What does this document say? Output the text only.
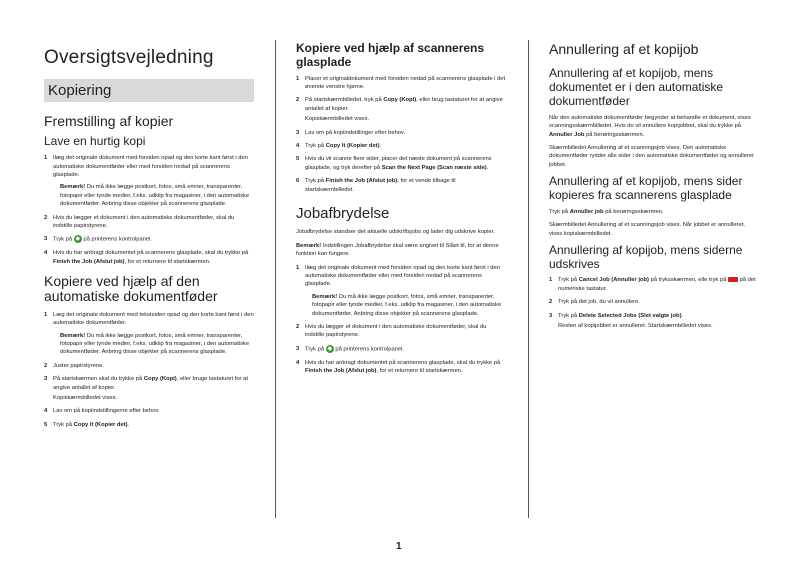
Oversigtsvejledning
Kopiering
Fremstilling af kopier
Lave en hurtig kopi
1 Ilæg det originale dokument med forsiden opad og den korte kant først i den automatiske dokumentføder eller med forsiden nedad på scannerens glasplade.

Bemærk! Du må ikke lægge postkort, fotos, små emner, transparenter, fotopapir eller tynde medier, f.eks. udklip fra magasiner, i den automatiske dokumentføder. Anbring disse objekter på scannerens glasplade.

2 Hvis du lægger et dokument i den automatiske dokumentføder, skal du indstille papirstyrene.
3 Tryk på ◆ på printerens kontrolpanel.
4 Hvis du har anbragt dokumentet på scannerens glasplade, skal du trykke på Finish the Job (Afslut job), for et returnere til startskærmen.
Kopiere ved hjælp af den automatiske dokumentføder
1 Læg det originale dokument med tekstsiden opad og den korte kant først i den automatiske dokumentføder.

Bemærk! Du må ikke lægge postkort, fotos, små emner, transparenter, fotopapir eller tynde medier, f.eks. udklip fra magasiner, i den automatiske dokumentføder. Anbring disse objekter på scannerens glasplade.

2 Juster papirstyrene.
3 På startskærmen skal du trykke på Copy (Kopi), eller bruge tastaturet for at angive antallet af kopier.
Kopiskærmbilledet vises.
4 Lav om på kopiindstillingerne efter behov.
5 Tryk på Copy It (Kopier det).
Kopiere ved hjælp af scannerens glasplade
1 Placer et originaldokument med forsiden nedad på scannerens glasplade i det øverste venstre hjørne.
2 På startskærmbilledet, tryk på Copy (Kopi), eller brug tastaturet for at angive antallet af kopier.
Kopiskærmbilledet vises.
3 Lav om på kopiindstillinger efter behov.
4 Tryk på Copy It (Kopier det).
5 Hvis du vil scanne flere sider, placer det næste dokument på scannerens glasplade, og tryk derefter på Scan the Next Page (Scan næste side).
6 Tryk på Finish the Job (Afslut job), for et vende tilbage til startskærmbilledet.
Jobafbrydelse

Jobafbrydelse standser det aktuelle udskriftsjobs og lader dig udskrive kopier.

Bemærk! Indstillingen Jobafbrydelse skal være angivet til Slået til, for at denne funktion kan fungere.

1 Ilæg det originale dokument med forsiden opad og den korte kant først i den automatiske dokumentføder eller med forsiden nedad på scannerens glasplade.

Bemærk! Du må ikke lægge postkort, fotos, små emner, transparenter, fotopapir eller tynde medier, f.eks. udklip fra magasiner, i den automatiske dokumentføder. Anbring disse objekter på scannerens glasplade.

2 Hvis du lægger et dokument i den automatiske dokumentføder, skal du indstille papirstyrene.
3 Tryk på ◆ på printerens kontrolpanel.
4 Hvis du har anbragt dokumentet på scannerens glasplade, skal du trykke på Finish the Job (Afslut job), for et returnere til startskærmen.
Annullering af et kopijob
Annullering af et kopijob, mens dokumentet er i den automatiske dokumentføder

Når den automatiske dokumentføder begynder at behandle et dokument, vises scanningsskærmbilledet. Hvis du vil annullere kopijobbet, skal du trykke på Annuller Job på berøringsskærmen.

Skærmbilledet Annullering af et scanningsjob vises. Den automatiske dokumentføder rydder alle sider i den automatiske dokumentføder og annullerer jobbet.

Annullering af et kopijob, mens sider kopieres fra scannerens glasplade

Tryk på Annuller job på berøringsskærmen.

Skærmbilledet Annullering af et scanningsjob vises. Når jobbet er annulleret, vises kopiskærmbilledet.

Annullering af kopijob, mens siderne udskrives
1 Tryk på Cancel Job (Annuller job) på tryksskærmen, elle tryk på på det numeriske tastatur.
2 Tryk på det job, du vil annullere.
3 Tryk på Delete Selected Jobs (Slet valgte job).
Resten af kopijobbet er annulleret. Startskærmbilledet vises.
1
